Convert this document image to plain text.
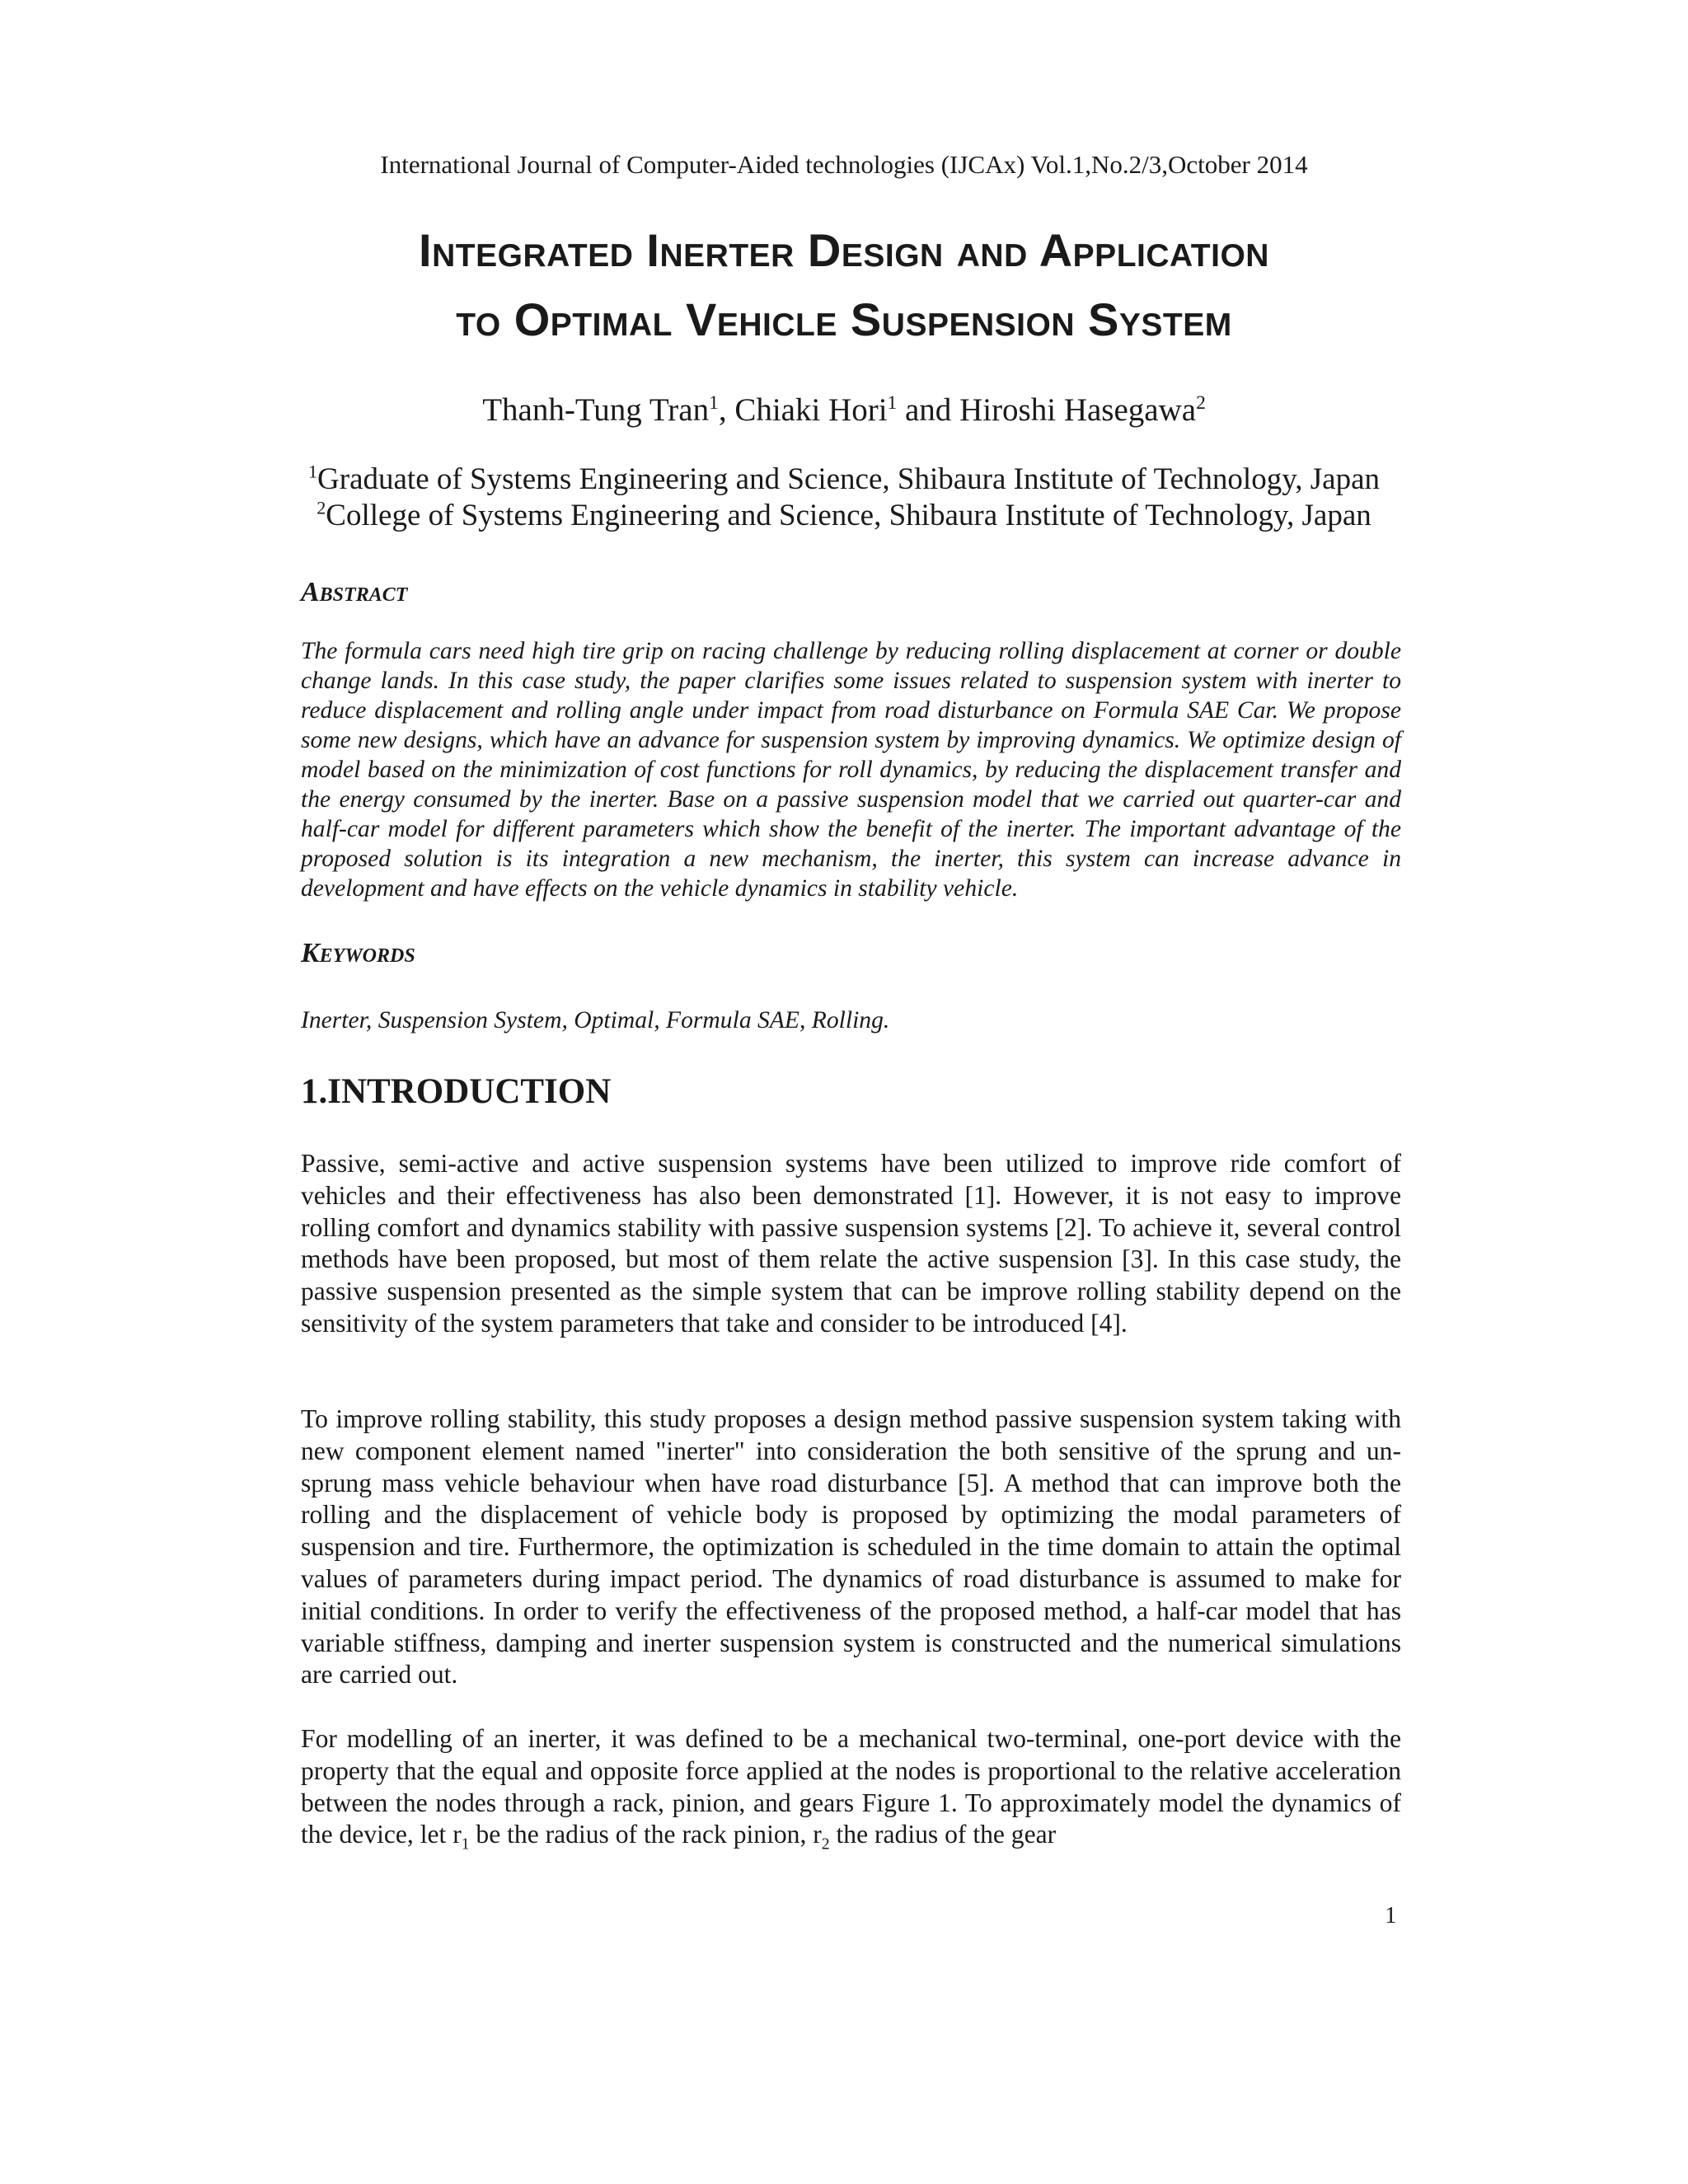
International Journal of Computer-Aided technologies (IJCAx) Vol.1,No.2/3,October 2014
Integrated Inerter Design and Application
to Optimal Vehicle Suspension System
Thanh-Tung Tran$^1$, Chiaki Hori$^1$ and Hiroshi Hasegawa$^2$
$^1$Graduate of Systems Engineering and Science, Shibaura Institute of Technology, Japan
$^2$College of Systems Engineering and Science, Shibaura Institute of Technology, Japan
Abstract
The formula cars need high tire grip on racing challenge by reducing rolling displacement at corner or double change lands. In this case study, the paper clarifies some issues related to suspension system with inerter to reduce displacement and rolling angle under impact from road disturbance on Formula SAE Car. We propose some new designs, which have an advance for suspension system by improving dynamics. We optimize design of model based on the minimization of cost functions for roll dynamics, by reducing the displacement transfer and the energy consumed by the inerter. Base on a passive suspension model that we carried out quarter-car and half-car model for different parameters which show the benefit of the inerter. The important advantage of the proposed solution is its integration a new mechanism, the inerter, this system can increase advance in development and have effects on the vehicle dynamics in stability vehicle.
Keywords
Inerter, Suspension System, Optimal, Formula SAE, Rolling.
1.INTRODUCTION
Passive, semi-active and active suspension systems have been utilized to improve ride comfort of vehicles and their effectiveness has also been demonstrated [1]. However, it is not easy to improve rolling comfort and dynamics stability with passive suspension systems [2]. To achieve it, several control methods have been proposed, but most of them relate the active suspension [3]. In this case study, the passive suspension presented as the simple system that can be improve rolling stability depend on the sensitivity of the system parameters that take and consider to be introduced [4].
To improve rolling stability, this study proposes a design method passive suspension system taking with new component element named "inerter" into consideration the both sensitive of the sprung and un-sprung mass vehicle behaviour when have road disturbance [5]. A method that can improve both the rolling and the displacement of vehicle body is proposed by optimizing the modal parameters of suspension and tire. Furthermore, the optimization is scheduled in the time domain to attain the optimal values of parameters during impact period. The dynamics of road disturbance is assumed to make for initial conditions. In order to verify the effectiveness of the proposed method, a half-car model that has variable stiffness, damping and inerter suspension system is constructed and the numerical simulations are carried out.
For modelling of an inerter, it was defined to be a mechanical two-terminal, one-port device with the property that the equal and opposite force applied at the nodes is proportional to the relative acceleration between the nodes through a rack, pinion, and gears Figure 1. To approximately model the dynamics of the device, let $r_1$ be the radius of the rack pinion, $r_2$ the radius of the gear
1
